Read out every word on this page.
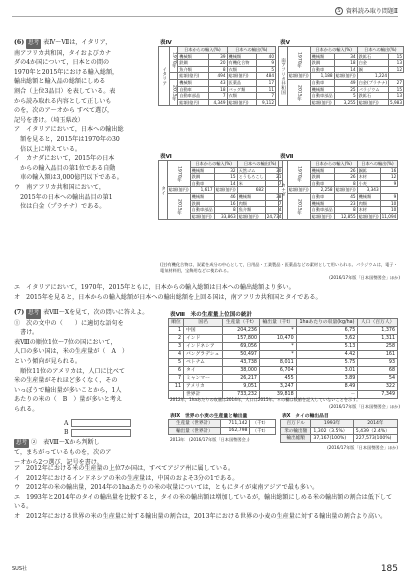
5 資料読み取り問題Ⅱ
(6) 思考 表Ⅳ～Ⅶは，イタリア，
南アフリカ共和国，タイおよびカナ
ダの4か国について，日本との間の
1970年と2015年における輸入総額，
輸出総額と輸入品の総額にしめる
割合（上位3品目）を表している。表
から読み取れる内容として正しいも
のを，次のア～オから すべて選び，
記号を書け。（埼玉県改）
ア　イタリアにおいて，日本への輸出総
　額を見ると，2015年は1970年の30
　倍以上に増えている。
イ　カナダにおいて，2015年の日本
　からの輸入品目の第1位である自動
　車の輸入額は3,000億円以下である。
ウ　南アフリカ共和国において，
　2015年の日本への輸出品目の第1
　位は白金（プラチナ）である。
表Ⅳ
イタリア	1970年	日本からの輸入(%)		日本への輸出(%)	
		機械類	39	機械類	40
		鉄鋼	20	有機化合物	9
		魚介類	8	衣類	5
		総額(億円)	494	総額(億円)	484
	2015年	機械類	43	医薬品	17
		自動車	18	バッグ類	11
		自動車部品	7	衣類	7
		総額(億円)	4,349	総額(億円)	9,112
表Ⅴ
南アフリカ共和国	1970年	日本からの輸入(%)		日本への輸出(%)	
		機械類	34	鉄鉱石	15
		鉄鋼	18	白金	13
		自動車	14	銅	12
	総額(億円)	1,188	総額(億円)	1,224	
	2015年	自動車	49	白金(プラチナ)	27
		機械類	25	パラジウム	15
		自動車部品	5	鉄鉱石	13
		総額(億円)	3,255	総額(億円)	5,983
表Ⅵ
タイ	1970年	日本からの輸入(%)		日本への輸出(%)	
		機械類	32	天然ゴム	30
		鉄鋼	15	とうもろこし	21
		自動車	14	米	7
	総額(億円)	1,617	総額(億円)	682	
	2015年	機械類	46	機械類	38
		鉄鋼	16	肉類	7
		自動車部品	8	魚介類	4
		総額(億円)	33,863	総額(億円)	24,734
表Ⅶ
カナダ	1970年	日本からの輸入(%)		日本への輸出(%)	
		機械類	26	銅鉱	16
		鉄鋼	26	木材	12
		自動車	8	小麦	9
	総額(億円)	2,258	総額(億円)	3,343	
	2015年	自動車	45	機械類	9
		機械類	23	肉類	10
		自動車部品	8	木材	10
		総額(億円)	12,855	総額(億円)	11,094
(注)有機化合物は，炭素を成分の中心として，日用品・工業製品・医薬品などの素材として用いられる。パラジウムは，電子・電気材料用，宝飾用などに使われる。
(2016/17年版「日本国勢図会」ほか)
エ　イタリアにおいて，1970年，2015年ともに，日本からの輸入総額は日本への輸出総額より多い。
オ　2015年を見ると，日本からの輸入総額が日本への輸出総額を上回る国は，南アフリカ共和国とタイである。
(7) 思考 表Ⅷ～Ⅹを見て，次の問いに答えよ。
①　次の文中の（　　）に適切な語句を
　書け。
表Ⅷの順位1位～7位の国において，
人口の多い国は，米の生産量が（　A　）
という傾向が見られる。
　順位11位のアメリカは，人口に比べて
米の生産量がそれほど多くなく，その
いっぽうで輸出量が多いことから，1人
あたりの米の（　B　）量が多いと考え
られる。
A
B
思考 ②　表Ⅷ～Xから判断し
て，まちがっているものを，次のア
～オから2つ選び，記号を書け。
表Ⅷ　米の生産量上位国の統計
順位	国名	生産量（千t）	輸出量（千t）	1haあたりの収量(kg/ha)	人口（百万人）
1	中国	204,236	*	6,75	1,376
2	インド	157,800	10,470	3,62	1,311
3	インドネシア	69,056	*	5.13	258
4	バングラデシュ	50,497	*	4.42	161
5	ベトナム	43,738	8,011	5.75	93
6	タイ	38,000	6,704	3.01	68
7	ミャンマー	26,217	455	3.89	54
11	アメリカ	9,051	3,247	8.49	322
	世界計	733,232	39,818	－	7,349
2012年，1haあたりの収量は2014年，人口は2015年。＊の欄は数値を記入していないことを示す。
(2016/17年版「日本国勢図会」ほか)
表Ⅸ　世界の小麦の生産量と輸出量
生産量（世界計）	711,142	（千t）
輸出量（世界計）	162,798	（千t）
2013年　(2016/17年版「日本国勢図会」)
表Ⅹ　タイの輸出品目
百万ドル	1993年	2014年
米の輸出額	1,302（3.5%）	5,439（2.4%）
輸出総額	37,167(100%)	227,573(100%)
(2016/17年版「日本国勢図会」ほか)
ア　2012年における米の生産量の上位7か国は，すべてアジア州に属している。
イ　2012年におけるインドネシアの米の生産量は，中国のおよそ3分の1である。
ウ　2012年の米の輸出量，2014年の1haあたりの米の収量については，ともにタイが東南アジアで最も多い。
エ　1993年と2014年のタイの輸出量を比較すると，タイの米の輸出額は増加しているが，輸出総額にしめる米の輸出額の割合は低下している。
オ　2012年における世界の米の生産量に対する輸出量の割合は，2013年における世界の小麦の生産量に対する輸出量の割合より高い。
SUS社	185
